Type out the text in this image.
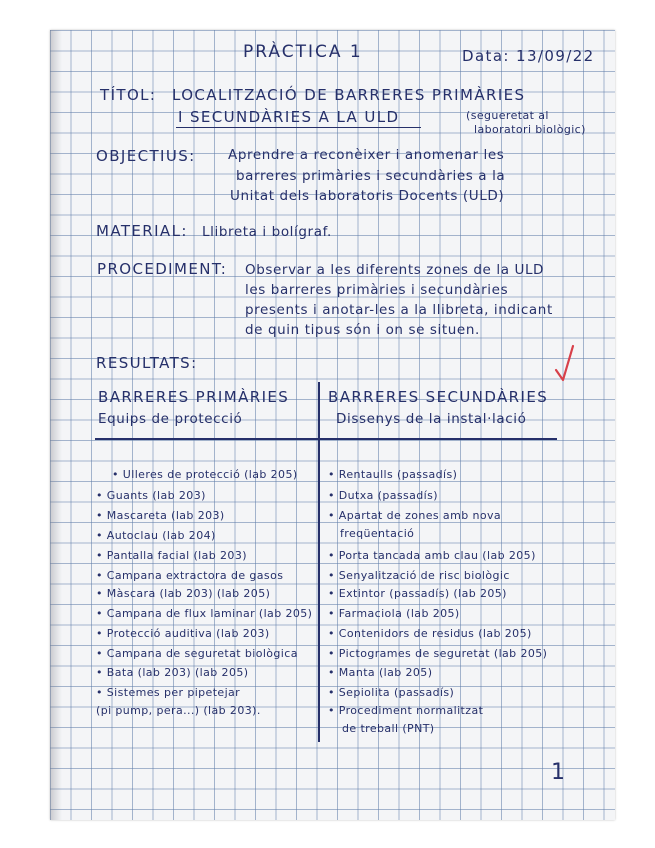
PRÀCTICA 1	Data: 13/09/22
TÍTOL: LOCALITZACIÓ DE BARRERES PRIMÀRIES
I SECUNDÀRIES A LA ULD	(segueretat al
laboratori biològic)
OBJECTIUS: Aprendre a reconèixer i anomenar les
barreres primàries i secundàries a la
Unitat dels laboratoris Docents (ULD)
MATERIAL: Llibreta i bolígraf.
PROCEDIMENT: Observar a les diferents zones de la ULD
les barreres primàries i secundàries
presents i anotar-les a la llibreta, indicant
de quin tipus són i on se situen.
RESULTATS:
BARRERES PRIMÀRIES
Equips de protecció
BARRERES SECUNDÀRIES
Dissenys de la instal·lació
• Ulleres de protecció (lab 205)
• Guants (lab 203)
• Mascareta (lab 203)
• Autoclau (lab 204)
• Pantalla facial (lab 203)
• Campana extractora de gasos
• Màscara (lab 203) (lab 205)
• Campana de flux laminar (lab 205)
• Protecció auditiva (lab 203)
• Campana de seguretat biològica
• Bata (lab 203) (lab 205)
• Sistemes per pipetejar
(pi pump, pera...) (lab 203).
• Rentaulls (passadís)
• Dutxa (passadís)
• Apartat de zones amb nova
freqüentació
• Porta tancada amb clau (lab 205)
• Senyalització de risc biològic
• Extintor (passadís) (lab 205)
• Farmaciola (lab 205)
• Contenidors de residus (lab 205)
• Pictogrames de seguretat (lab 205)
• Manta (lab 205)
• Sepiolita (passadís)
• Procediment normalitzat
de treball (PNT)
1
